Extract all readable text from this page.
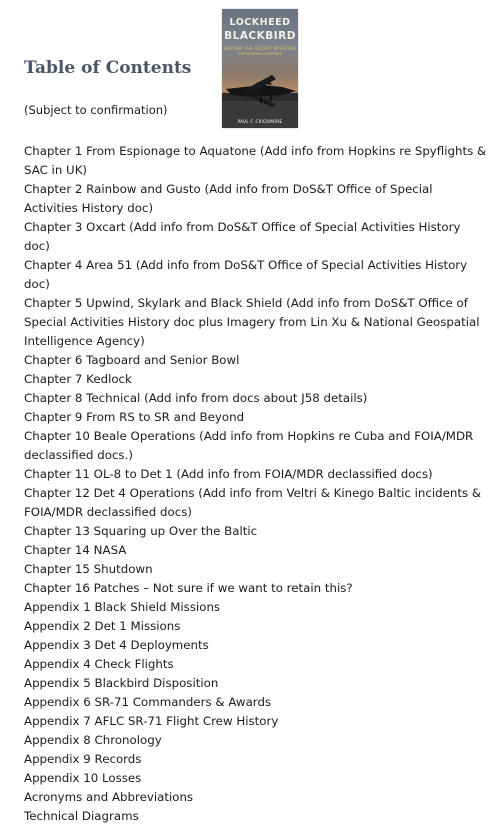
Table of Contents
LOCKHEED
BLACKBIRD
BEYOND THE SECRET MISSIONS
THE MISSING CHAPTERS
PAUL F. CRICKMORE

(Subject to confirmation)

Chapter 1 From Espionage to Aquatone (Add info from Hopkins re Spyflights & SAC in UK)
Chapter 2 Rainbow and Gusto (Add info from DoS&T Office of Special Activities History doc)
Chapter 3 Oxcart (Add info from DoS&T Office of Special Activities History doc)
Chapter 4 Area 51 (Add info from DoS&T Office of Special Activities History doc)
Chapter 5 Upwind, Skylark and Black Shield (Add info from DoS&T Office of Special Activities History doc plus Imagery from Lin Xu & National Geospatial Intelligence Agency)
Chapter 6 Tagboard and Senior Bowl
Chapter 7 Kedlock
Chapter 8 Technical (Add info from docs about J58 details)
Chapter 9 From RS to SR and Beyond
Chapter 10 Beale Operations (Add info from Hopkins re Cuba and FOIA/MDR declassified docs.)
Chapter 11 OL-8 to Det 1 (Add info from FOIA/MDR declassified docs)
Chapter 12 Det 4 Operations (Add info from Veltri & Kinego Baltic incidents & FOIA/MDR declassified docs)
Chapter 13 Squaring up Over the Baltic
Chapter 14 NASA
Chapter 15 Shutdown
Chapter 16 Patches – Not sure if we want to retain this?
Appendix 1 Black Shield Missions
Appendix 2 Det 1 Missions
Appendix 3 Det 4 Deployments
Appendix 4 Check Flights
Appendix 5 Blackbird Disposition
Appendix 6 SR-71 Commanders & Awards
Appendix 7 AFLC SR-71 Flight Crew History
Appendix 8 Chronology
Appendix 9 Records
Appendix 10 Losses
Acronyms and Abbreviations
Technical Diagrams
